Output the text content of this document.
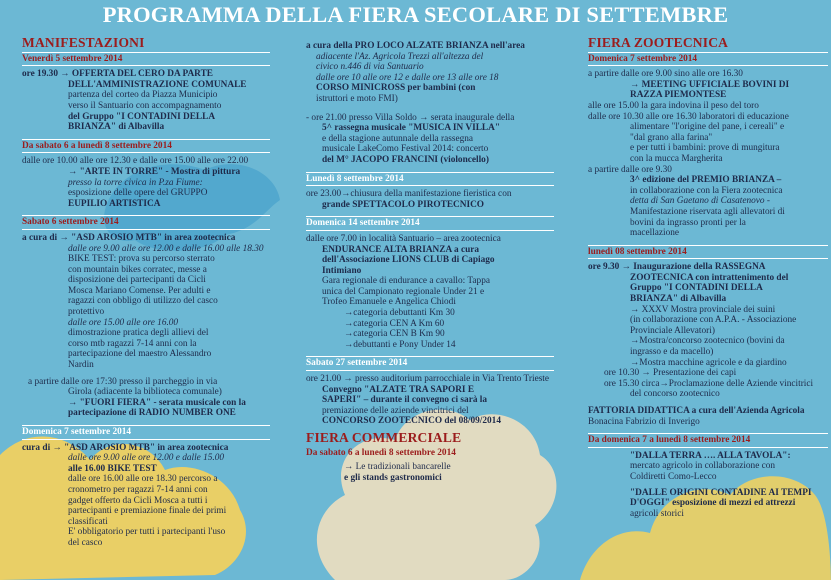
PROGRAMMA DELLA FIERA SECOLARE DI SETTEMBRE
MANIFESTAZIONI
Venerdì 5 settembre 2014

ore 19.30 → OFFERTA DEL CERO DA PARTE

DELL'AMMINISTRAZIONE COMUNALE

partenza del corteo da Piazza Municipio

verso il Santuario con accompagnamento

del Gruppo "I CONTADINI DELLA

BRIANZA" di Albavilla

Da sabato 6 a lunedì 8 settembre 2014

dalle ore 10.00 alle ore 12.30 e dalle ore 15.00 alle ore 22.00

→ "ARTE IN TORRE" - Mostra di pittura

presso la torre civica in P.za Fiume:

esposizione delle opere del GRUPPO

EUPILIO ARTISTICA

Sabato 6 settembre 2014

a cura di → "ASD AROSIO MTB" in area zootecnica

dalle ore 9.00 alle ore 12.00 e dalle 16.00 alle 18.30

BIKE TEST: prova su percorso sterrato

con mountain bikes corratec, messe a

disposizione dei partecipanti da Cicli

Mosca Mariano Comense. Per adulti e

ragazzi con obbligo di utilizzo del casco

protettivo

dalle ore 15.00 alle ore 16.00

dimostrazione pratica degli allievi del

corso mtb ragazzi 7-14 anni con la

partecipazione del maestro Alessandro

Nardin

a partire dalle ore 17:30 presso il parcheggio in via

Girola (adiacente la biblioteca comunale)

→ "FUORI FIERA" - serata musicale con la

partecipazione di RADIO NUMBER ONE

Domenica 7 settembre 2014

cura di → "ASD AROSIO MTB" in area zootecnica

dalle ore 9.00 alle ore 12.00 e dalle 15.00

alle 16.00 BIKE TEST

dalle ore 16.00 alle ore 18.30 percorso a

cronometro per ragazzi 7-14 anni con

gadget offerto da Cicli Mosca a tutti i

partecipanti e premiazione finale dei primi

classificati

E' obbligatorio per tutti i partecipanti l'uso

del casco

a cura della PRO LOCO ALZATE BRIANZA nell'area

adiacente l'Az. Agricola Trezzi all'altezza del

civico n.446 di via Santuario

dalle ore 10 alle ore 12 e dalle ore 13 alle ore 18

CORSO MINICROSS per bambini (con

istruttori e moto FMI)

- ore 21.00 presso Villa Soldo → serata inaugurale della

5^ rassegna musicale "MUSICA IN VILLA"

e della stagione autunnale della rassegna

musicale LakeComo Festival 2014: concerto

del M° JACOPO FRANCINI (violoncello)

Lunedì 8 settembre 2014

ore 23.00→chiusura della manifestazione fieristica con

grande SPETTACOLO PIROTECNICO

Domenica 14 settembre 2014

dalle ore 7.00 in località Santuario – area zootecnica

ENDURANCE ALTA BRIANZA a cura

dell'Associazione LIONS CLUB di Capiago

Intimiano

Gara regionale di endurance a cavallo: Tappa

unica del Campionato regionale Under 21 e

Trofeo Emanuele e Angelica Chiodi

→categoria debuttanti Km 30

→categoria CEN A Km 60

→categoria CEN B Km 90

→debuttanti e Pony Under 14

Sabato 27 settembre 2014

ore 21.00 → presso auditorium parrocchiale in Via Trento Trieste

Convegno "ALZATE TRA SAPORI E

SAPERI" – durante il convegno ci sarà la

premiazione delle aziende vincitrici del

CONCORSO ZOOTECNICO del 08/09/2014

FIERA COMMERCIALE
Da sabato 6 a lunedì 8 settembre 2014

→ Le tradizionali bancarelle

e gli stands gastronomici

FIERA ZOOTECNICA
Domenica 7 settembre 2014

a partire dalle ore 9.00 sino alle ore 16.30

→ MEETING UFFICIALE BOVINI DI

RAZZA PIEMONTESE

alle ore 15.00 la gara indovina il peso del toro

dalle ore 10.30 alle ore 16.30 laboratori di educazione

alimentare "l'origine del pane, i cereali" e

"dal grano alla farina"

e per tutti i bambini: prove di mungitura

con la mucca Margherita

a partire dalle ore 9.30

3^ edizione del PREMIO BRIANZA –

in collaborazione con la Fiera zootecnica

detta di San Gaetano di Casatenovo -

Manifestazione riservata agli allevatori di

bovini da ingrasso pronti per la

macellazione

lunedì 08 settembre 2014

ore 9.30 → Inaugurazione della RASSEGNA

ZOOTECNICA con intrattenimento del

Gruppo "I CONTADINI DELLA

BRIANZA" di Albavilla

→ XXXV Mostra provinciale dei suini

(in collaborazione con A.P.A. - Associazione

Provinciale Allevatori)

→Mostra/concorso zootecnico (bovini da

ingrasso e da macello)

→Mostra macchine agricole e da giardino

ore 10.30 → Presentazione dei capi

ore 15.30 circa→Proclamazione delle Aziende vincitrici

del concorso zootecnico

FATTORIA DIDATTICA a cura dell'Azienda Agricola

Bonacina Fabrizio di Inverigo

Da domenica 7 a lunedì 8 settembre 2014

"DALLA TERRA …. ALLA TAVOLA":

mercato agricolo in collaborazione con

Coldiretti Como-Lecco

"DALLE ORIGINI CONTADINE AI TEMPI

D'OGGI" esposizione di mezzi ed attrezzi

agricoli storici
